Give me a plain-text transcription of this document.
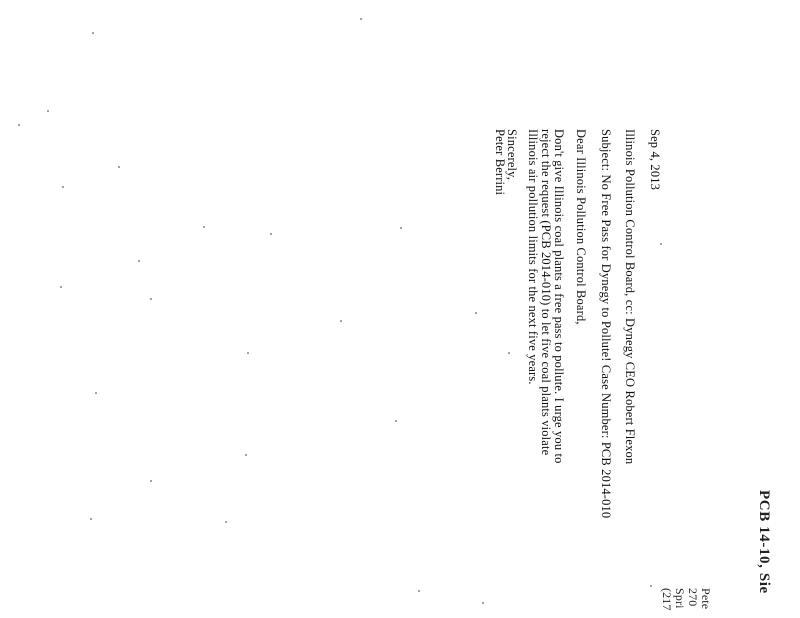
PCB 14-10, Sie
Pete
270
Spri
(217
Sep 4, 2013
Illinois Pollution Control Board, cc: Dynegy CEO Robert Flexon
Subject: No Free Pass for Dynegy to Pollute! Case Number: PCB 2014-010
Dear Illinois Pollution Control Board,
Don't give Illinois coal plants a free pass to pollute. I urge you to
reject the request (PCB 2014-010) to let five coal plants violate
Illinois air pollution limits for the next five years.
Sincerely,
Peter Berrini
